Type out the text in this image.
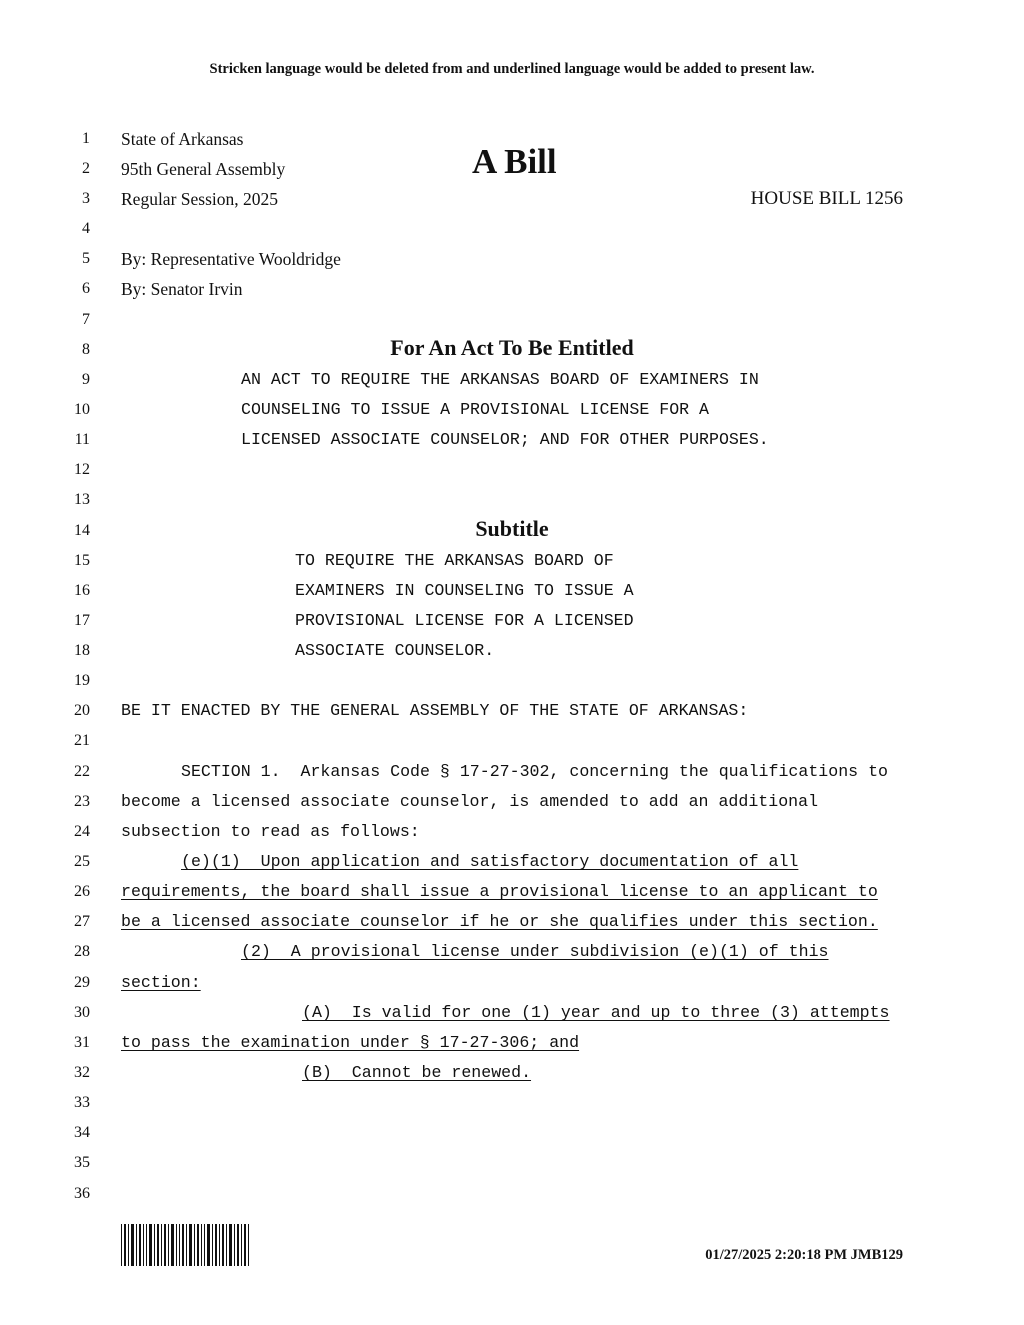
Stricken language would be deleted from and underlined language would be added to present law.
1
2
3
4
5
6
7
8
9
10
11
12
13
14
15
16
17
18
19
20
21
22
23
24
25
26
27
28
29
30
31
32
33
34
35
36
State of Arkansas
95th General Assembly
Regular Session, 2025
A Bill
HOUSE BILL 1256
By: Representative Wooldridge
By: Senator Irvin
For An Act To Be Entitled
AN ACT TO REQUIRE THE ARKANSAS BOARD OF EXAMINERS IN
COUNSELING TO ISSUE A PROVISIONAL LICENSE FOR A
LICENSED ASSOCIATE COUNSELOR; AND FOR OTHER PURPOSES.
Subtitle
TO REQUIRE THE ARKANSAS BOARD OF
EXAMINERS IN COUNSELING TO ISSUE A
PROVISIONAL LICENSE FOR A LICENSED
ASSOCIATE COUNSELOR.
BE IT ENACTED BY THE GENERAL ASSEMBLY OF THE STATE OF ARKANSAS:
SECTION 1.  Arkansas Code § 17-27-302, concerning the qualifications to
become a licensed associate counselor, is amended to add an additional
subsection to read as follows:
(e)(1)  Upon application and satisfactory documentation of all
requirements, the board shall issue a provisional license to an applicant to
be a licensed associate counselor if he or she qualifies under this section.
(2)  A provisional license under subdivision (e)(1) of this
section:
(A)  Is valid for one (1) year and up to three (3) attempts
to pass the examination under § 17-27-306; and
(B)  Cannot be renewed.
01/27/2025 2:20:18 PM JMB129
